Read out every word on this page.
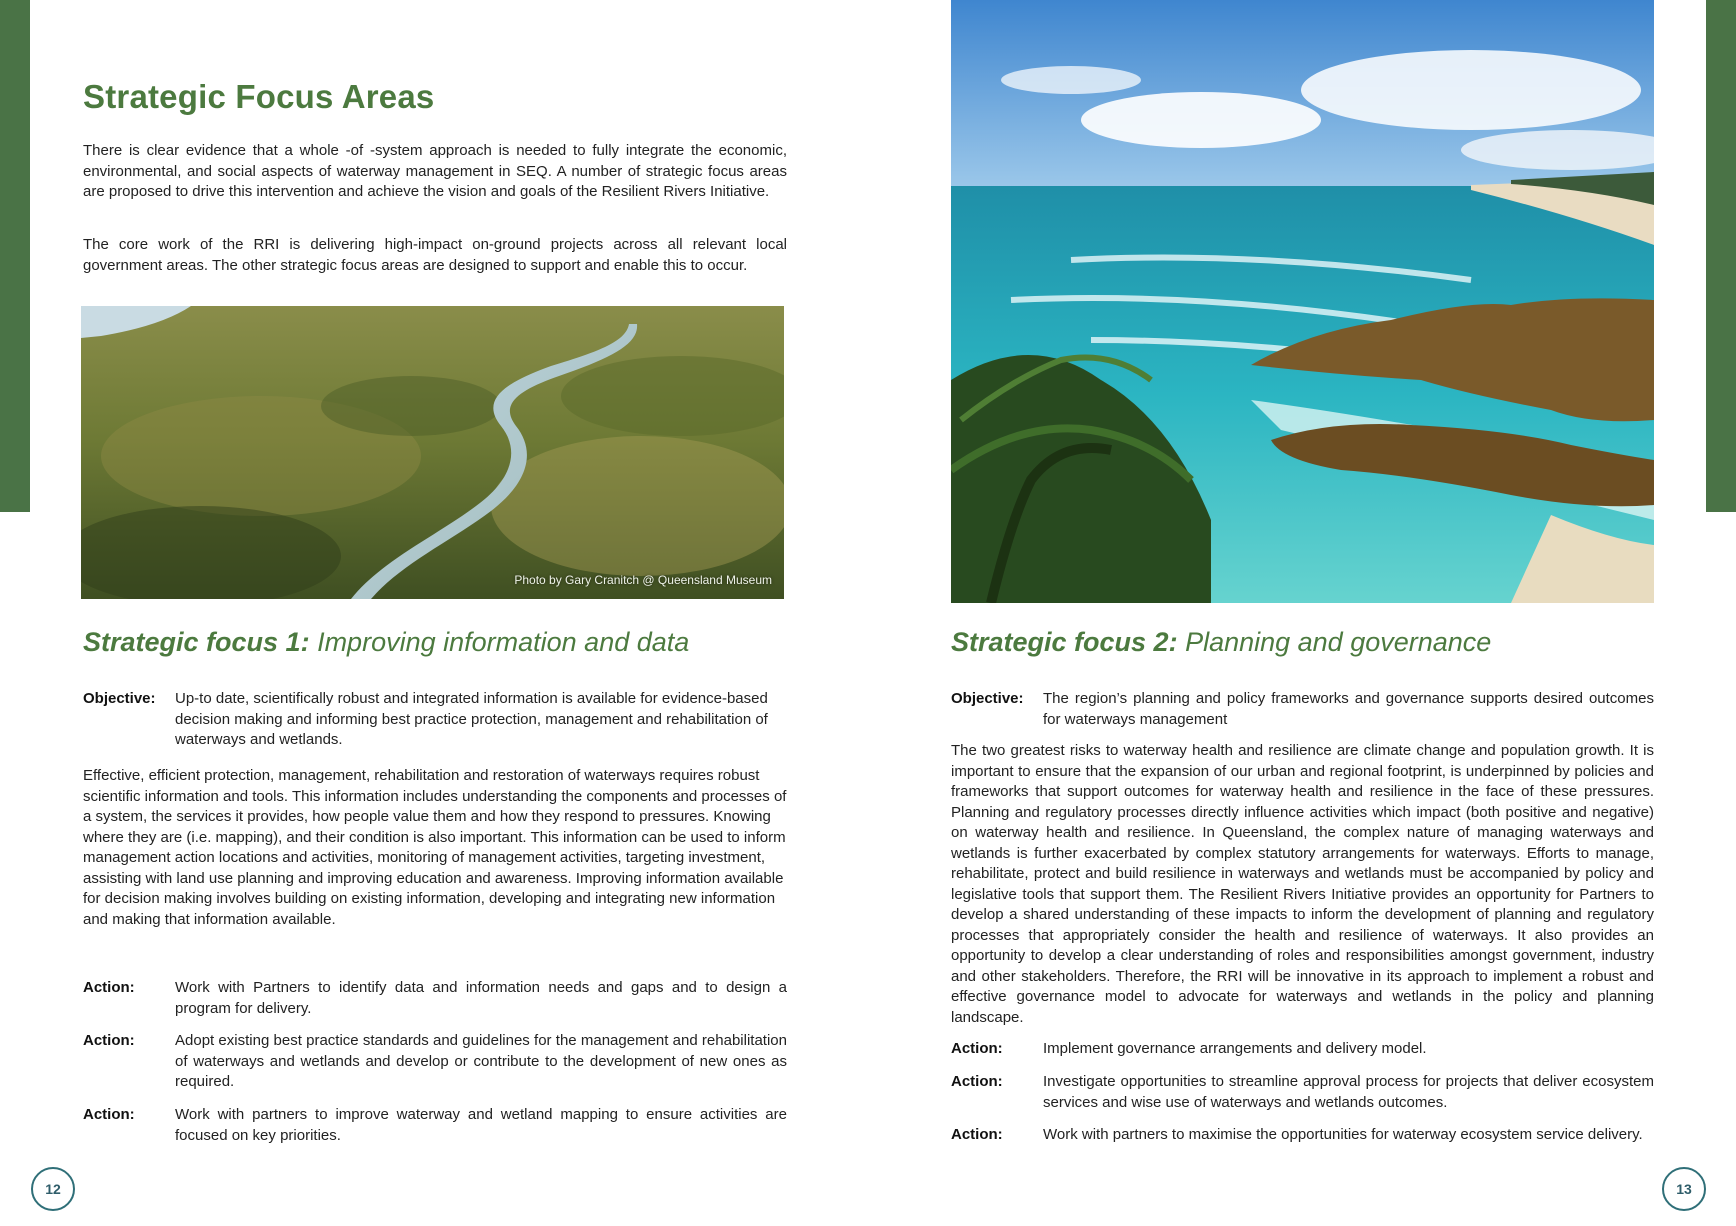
Strategic Focus Areas

There is clear evidence that a whole -of -system approach is needed to fully integrate the economic, environmental, and social aspects of waterway management in SEQ. A number of strategic focus areas are proposed to drive this intervention and achieve the vision and goals of the Resilient Rivers Initiative.

The core work of the RRI is delivering high-impact on-ground projects across all relevant local government areas. The other strategic focus areas are designed to support and enable this to occur.

Photo by Gary Cranitch @ Queensland Museum
Strategic focus 1: Improving information and data
Objective:	Up-to date, scientifically robust and integrated information is available for evidence-based decision making and informing best practice protection, management and rehabilitation of waterways and wetlands.

Effective, efficient protection, management, rehabilitation and restoration of waterways requires robust scientific information and tools. This information includes understanding the components and processes of a system, the services it provides, how people value them and how they respond to pressures. Knowing where they are (i.e. mapping), and their condition is also important. This information can be used to inform management action locations and activities, monitoring of management activities, targeting investment, assisting with land use planning and improving education and awareness. Improving information available for decision making involves building on existing information, developing and integrating new information and making that information available.

Action:	Work with Partners to identify data and information needs and gaps and to design a program for delivery.
Action:	Adopt existing best practice standards and guidelines for the management and rehabilitation of waterways and wetlands and develop or contribute to the development of new ones as required.
Action:	Work with partners to improve waterway and wetland mapping to ensure activities are focused on key priorities.
12
Strategic focus 2: Planning and governance
Objective:	The region’s planning and policy frameworks and governance supports desired outcomes for waterways management

The two greatest risks to waterway health and resilience are climate change and population growth. It is important to ensure that the expansion of our urban and regional footprint, is underpinned by policies and frameworks that support outcomes for waterway health and resilience in the face of these pressures. Planning and regulatory processes directly influence activities which impact (both positive and negative) on waterway health and resilience. In Queensland, the complex nature of managing waterways and wetlands is further exacerbated by complex statutory arrangements for waterways. Efforts to manage, rehabilitate, protect and build resilience in waterways and wetlands must be accompanied by policy and legislative tools that support them. The Resilient Rivers Initiative provides an opportunity for Partners to develop a shared understanding of these impacts to inform the development of planning and regulatory processes that appropriately consider the health and resilience of waterways. It also provides an opportunity to develop a clear understanding of roles and responsibilities amongst government, industry and other stakeholders. Therefore, the RRI will be innovative in its approach to implement a robust and effective governance model to advocate for waterways and wetlands in the policy and planning landscape.

Action:	Implement governance arrangements and delivery model.
Action:	Investigate opportunities to streamline approval process for projects that deliver ecosystem services and wise use of waterways and wetlands outcomes.
Action:	Work with partners to maximise the opportunities for waterway ecosystem service delivery.
13
